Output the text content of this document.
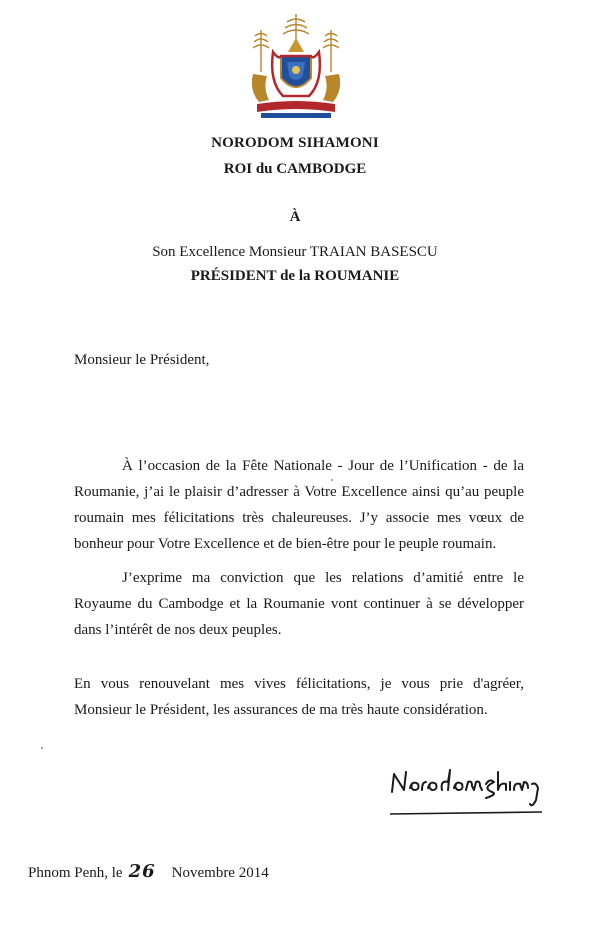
NORODOM SIHAMONI
ROI du CAMBODGE
À
Son Excellence Monsieur TRAIAN BASESCU
PRÉSIDENT de la ROUMANIE
Monsieur le Président,

À l’occasion de la Fête Nationale - Jour de l’Unification - de la Roumanie, j’ai le plaisir d’adresser à Votre Excellence ainsi qu’au peuple roumain mes félicitations très chaleureuses. J’y associe mes vœux de bonheur pour Votre Excellence et de bien-être pour le peuple roumain.

J’exprime ma conviction que les relations d’amitié entre le Royaume du Cambodge et la Roumanie vont continuer à se développer dans l’intérêt de nos deux peuples.

En vous renouvelant mes vives félicitations, je vous prie d'agréer, Monsieur le Président, les assurances de ma très haute considération.

Phnom Penh, le 26 Novembre 2014
